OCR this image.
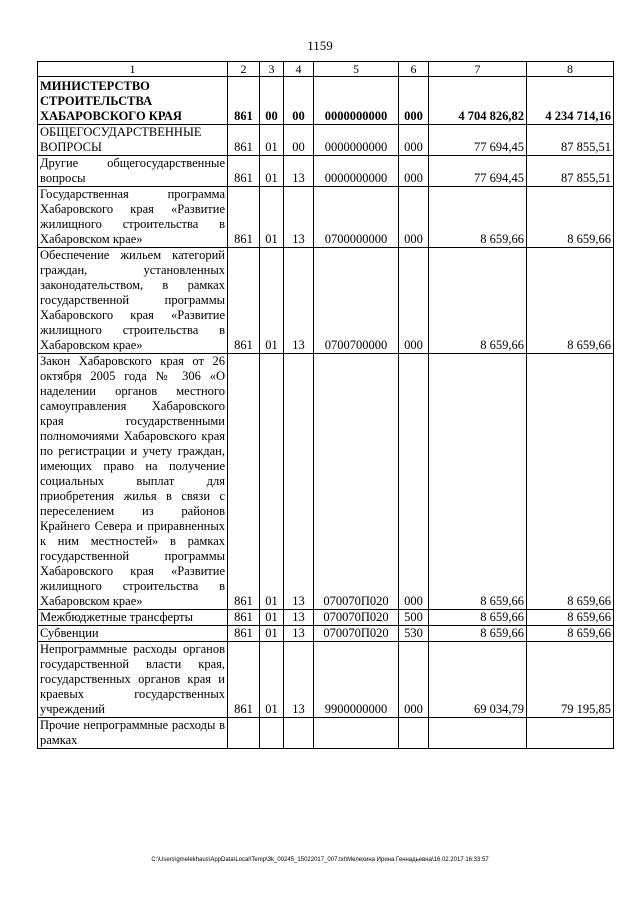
1159
1	2	3	4	5	6	7	8
МИНИСТЕРСТВО СТРОИТЕЛЬСТВА ХАБАРОВСКОГО КРАЯ	861	00	00	0000000000	000	4 704 826,82	4 234 714,16
ОБЩЕГОСУДАРСТВЕННЫЕ ВОПРОСЫ	861	01	00	0000000000	000	77 694,45	87 855,51
Другие общегосударственные вопросы	861	01	13	0000000000	000	77 694,45	87 855,51
Государственная программа Хабаровского края «Развитие жилищного строительства в Хабаровском крае»	861	01	13	0700000000	000	8 659,66	8 659,66
Обеспечение жильем категорий граждан, установленных законодательством, в рамках государственной программы Хабаровского края «Развитие жилищного строительства в Хабаровском крае»	861	01	13	0700700000	000	8 659,66	8 659,66
Закон Хабаровского края от 26 октября 2005 года № 306 «О наделении органов местного самоуправления Хабаровского края государственными полномочиями Хабаровского края по регистрации и учету граждан, имеющих право на получение социальных выплат для приобретения жилья в связи с переселением из районов Крайнего Севера и приравненных к ним местностей» в рамках государственной программы Хабаровского края «Развитие жилищного строительства в Хабаровском крае»	861	01	13	070070П020	000	8 659,66	8 659,66
Межбюджетные трансферты	861	01	13	070070П020	500	8 659,66	8 659,66
Субвенции	861	01	13	070070П020	530	8 659,66	8 659,66
Непрограммные расходы органов государственной власти края, государственных органов края и краевых государственных учреждений	861	01	13	9900000000	000	69 034,79	79 195,85
Прочие непрограммные расходы в рамках							
C:\Users\gmelekhaus\AppData\Local\Temp\3k_00245_15022017_007.txt\Мелехина Ирина Геннадьевна\16.02.2017 16:33:57
